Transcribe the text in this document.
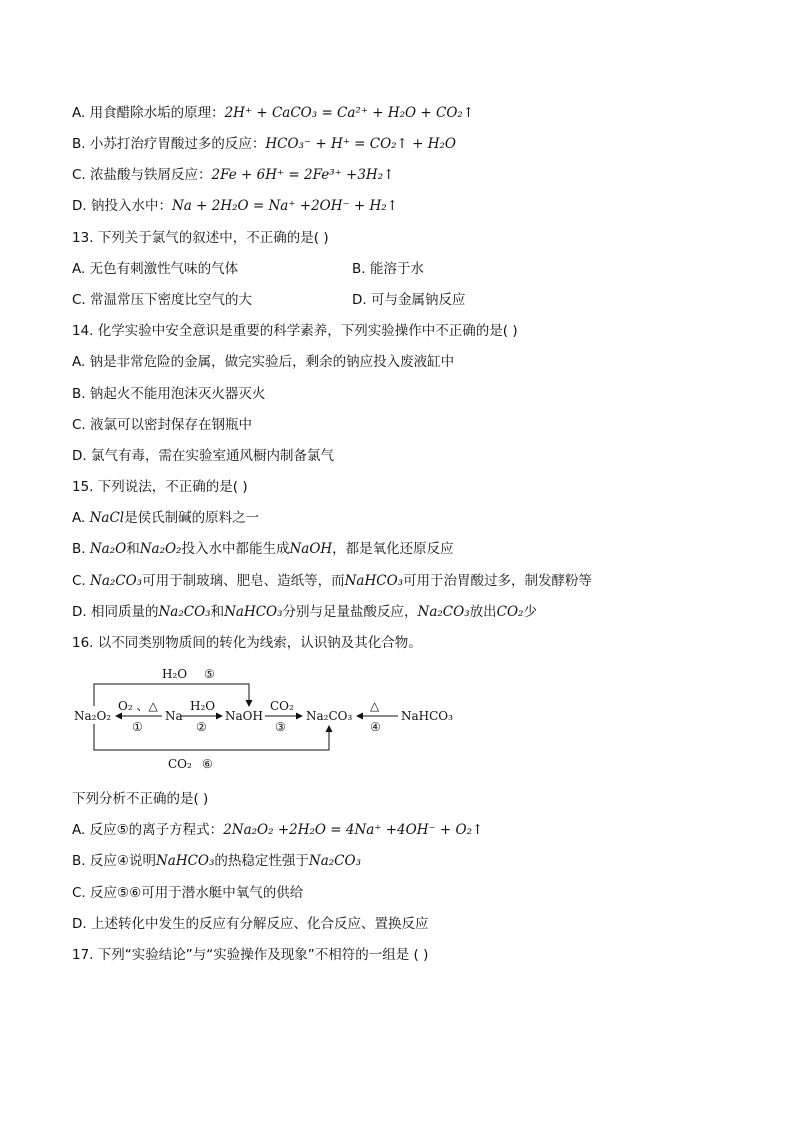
A. 用食醋除水垢的原理：2H⁺ + CaCO₃ = Ca²⁺ + H₂O + CO₂↑
B. 小苏打治疗胃酸过多的反应：HCO₃⁻ + H⁺ = CO₂↑ + H₂O
C. 浓盐酸与铁屑反应：2Fe + 6H⁺ = 2Fe³⁺ +3H₂↑
D. 钠投入水中：Na + 2H₂O = Na⁺ +2OH⁻ + H₂↑
13. 下列关于氯气的叙述中，不正确的是( )
A. 无色有刺激性气味的气体	B. 能溶于水
C. 常温常压下密度比空气的大	D. 可与金属钠反应
14. 化学实验中安全意识是重要的科学素养，下列实验操作中不正确的是( )
A. 钠是非常危险的金属，做完实验后，剩余的钠应投入废液缸中
B. 钠起火不能用泡沫灭火器灭火
C. 液氯可以密封保存在钢瓶中
D. 氯气有毒，需在实验室通风橱内制备氯气
15. 下列说法，不正确的是( )
A. NaCl是侯氏制碱的原料之一
B. Na₂O和Na₂O₂投入水中都能生成NaOH，都是氧化还原反应
C. Na₂CO₃可用于制玻璃、肥皂、造纸等，而NaHCO₃可用于治胃酸过多，制发酵粉等
D. 相同质量的Na₂CO₃和NaHCO₃分别与足量盐酸反应，Na₂CO₃放出CO₂少
16. 以不同类别物质间的转化为线索，认识钠及其化合物。
Na₂O₂	Na	NaOH	Na₂CO₃	NaHCO₃
H₂O ⑤
O₂ 、△
①
H₂O
②
CO₂
③
△
④
CO₂ ⑥
下列分析不正确的是( )
A. 反应⑤的离子方程式：2Na₂O₂ +2H₂O = 4Na⁺ +4OH⁻ + O₂↑
B. 反应④说明NaHCO₃的热稳定性强于Na₂CO₃
C. 反应⑤⑥可用于潜水艇中氧气的供给
D. 上述转化中发生的反应有分解反应、化合反应、置换反应
17. 下列“实验结论”与“实验操作及现象”不相符的一组是 ( )
